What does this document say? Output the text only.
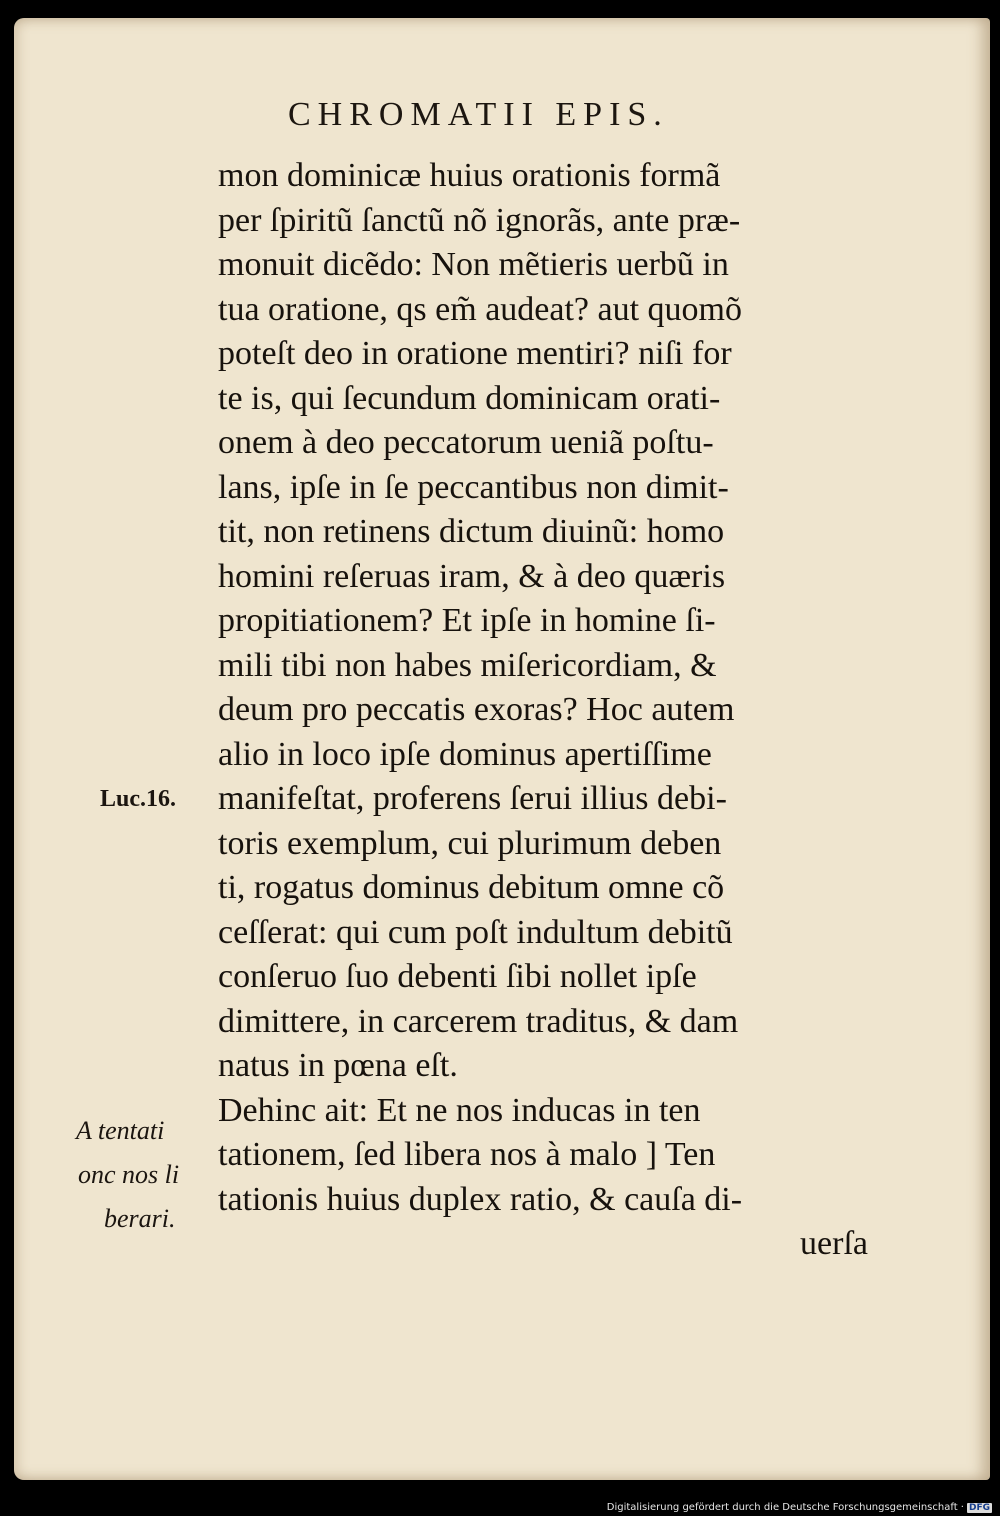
CHROMATII EPIS.
mon dominicæ huius orationis formã
per ſpiritũ ſanctũ nõ ignorãs, ante præ-
monuit dicẽdo: Non mẽtieris uerbũ in
tua oratione, qs em̃ audeat? aut quomõ
poteſt deo in oratione mentiri? niſi for
te is, qui ſecundum dominicam orati-
onem à deo peccatorum ueniã poſtu-
lans, ipſe in ſe peccantibus non dimit-
tit, non retinens dictum diuinũ: homo
homini reſeruas iram, & à deo quæris
propitiationem? Et ipſe in homine ſi-
mili tibi non habes miſericordiam, &
deum pro peccatis exoras? Hoc autem
alio in loco ipſe dominus apertiſſime
manifeſtat, proferens ſerui illius debi-
toris exemplum, cui plurimum deben
ti, rogatus dominus debitum omne cõ
ceſſerat: qui cum poſt indultum debitũ
conſeruo ſuo debenti ſibi nollet ipſe
dimittere, in carcerem traditus, & dam
natus in pœna eſt.
Dehinc ait: Et ne nos inducas in ten
tationem, ſed libera nos à malo ] Ten
tationis huius duplex ratio, & cauſa di-
uerſa
Luc.16.
A tentati
onc nos li
berari.
Digitalisierung gefördert durch die Deutsche Forschungsgemeinschaft · DFG
